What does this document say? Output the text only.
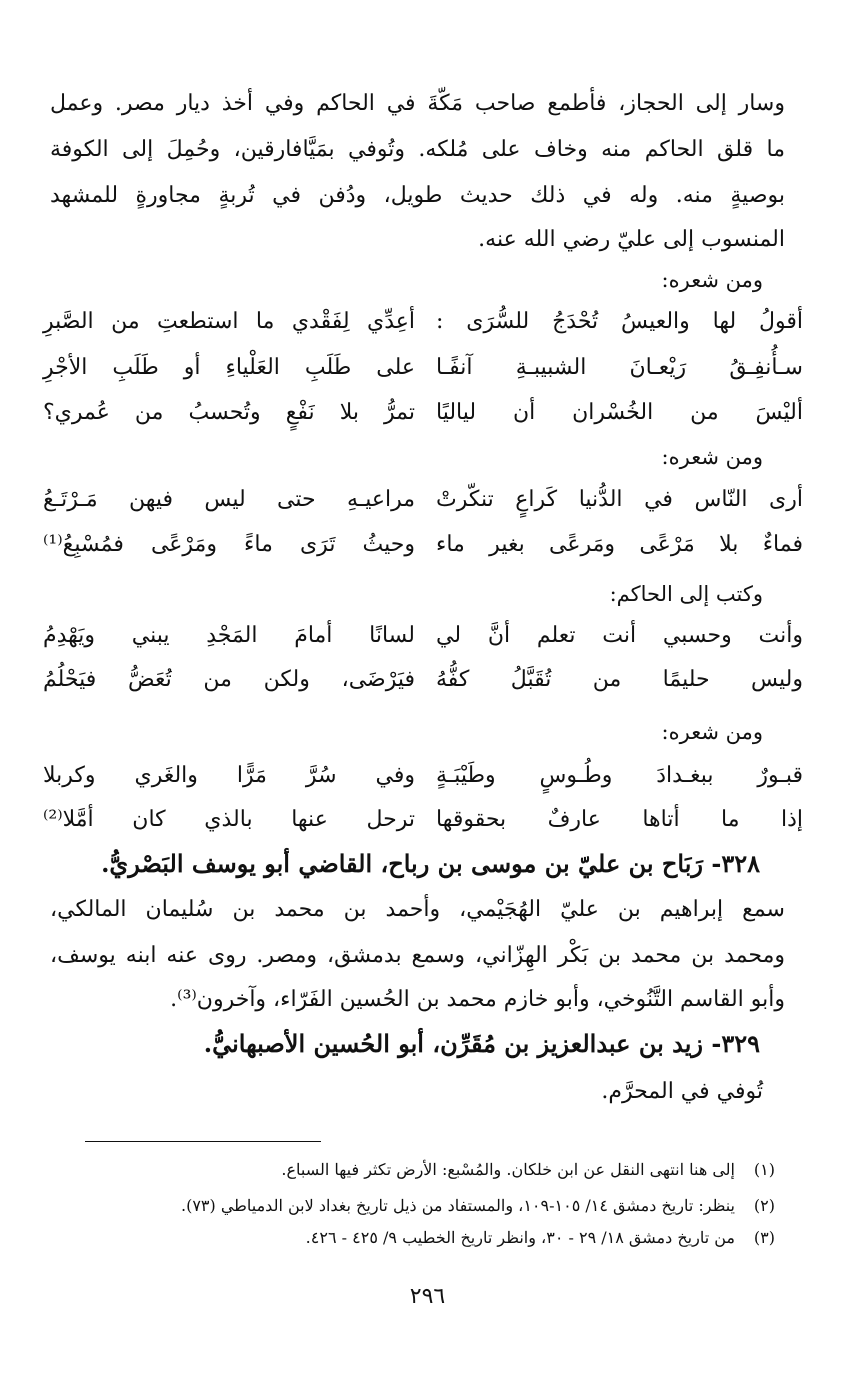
وسار إلى الحجاز، فأطمع صاحب مَكّةَ في الحاكم وفي أخذ ديار مصر. وعمل
ما قلق الحاكم منه وخاف على مُلكه. وتُوفي بمَيَّافارقين، وحُمِلَ إلى الكوفة
بوصيةٍ منه. وله في ذلك حديث طويل، ودُفن في تُربةٍ مجاورةٍ للمشهد
المنسوب إلى عليّ رضي الله عنه.
ومن شعره:
أقولُ لها والعيسُ تُحْدَجُ للسُّرَى :
أعِدِّي لِفَقْدي ما استطعتِ من الصَّبرِ
سـأُنفِـقُ رَيْعـانَ الشبيبـةِ آنفًـا
على طَلَبِ العَلْياءِ أو طَلَبِ الأجْرِ
أليْسَ من الخُسْران أن لياليًا
تمرُّ بلا نَفْعٍ وتُحسبُ من عُمري؟
ومن شعره:
أرى النّاس في الدُّنيا كَراعٍ تنكّرتْ
مراعيـهِ حتى ليس فيهن مَـرْتَـعُ
فماءٌ بلا مَرْعًى ومَرعًى بغير ماء
وحيثُ تَرَى ماءً ومَرْعًى فمُسْبِعُ⁽¹⁾
وكتب إلى الحاكم:
وأنت وحسبي أنت تعلم أنَّ لي
لسانًا أمامَ المَجْدِ يبني ويَهْدِمُ
وليس حليمًا من تُقَبَّلُ كفُّهُ
فيَرْضَى، ولكن من تُعَضُّ فيَحْلُمُ
ومن شعره:
قبـورٌ ببغـدادَ وطُـوسٍ وطَيْبَـةٍ
وفي سُرَّ مَرًّا والغَري وكربلا
إذا ما أتاها عارفٌ بحقوقها
ترحل عنها بالذي كان أمَّلا⁽²⁾
٣٢٨- رَبَاح بن عليّ بن موسى بن رباح، القاضي أبو يوسف البَصْريُّ.
سمع إبراهيم بن عليّ الهُجَيْمي، وأحمد بن محمد بن سُليمان المالكي،
ومحمد بن محمد بن بَكْر الهِزّاني، وسمع بدمشق، ومصر. روى عنه ابنه يوسف،
وأبو القاسم التَّنُوخي، وأبو خازم محمد بن الحُسين الفَرّاء، وآخرون⁽³⁾.
٣٢٩- زيد بن عبدالعزيز بن مُقَرِّن، أبو الحُسين الأصبهانيُّ.
تُوفي في المحرَّم.
(١)إلى هنا انتهى النقل عن ابن خلكان. والمُسْبع: الأرض تكثر فيها السباع.
(٢)ينظر: تاريخ دمشق ١٤/ ١٠٥-١٠٩، والمستفاد من ذيل تاريخ بغداد لابن الدمياطي (٧٣).
(٣)من تاريخ دمشق ١٨/ ٢٩ - ٣٠، وانظر تاريخ الخطيب ٩/ ٤٢٥ - ٤٢٦.
٢٩٦
